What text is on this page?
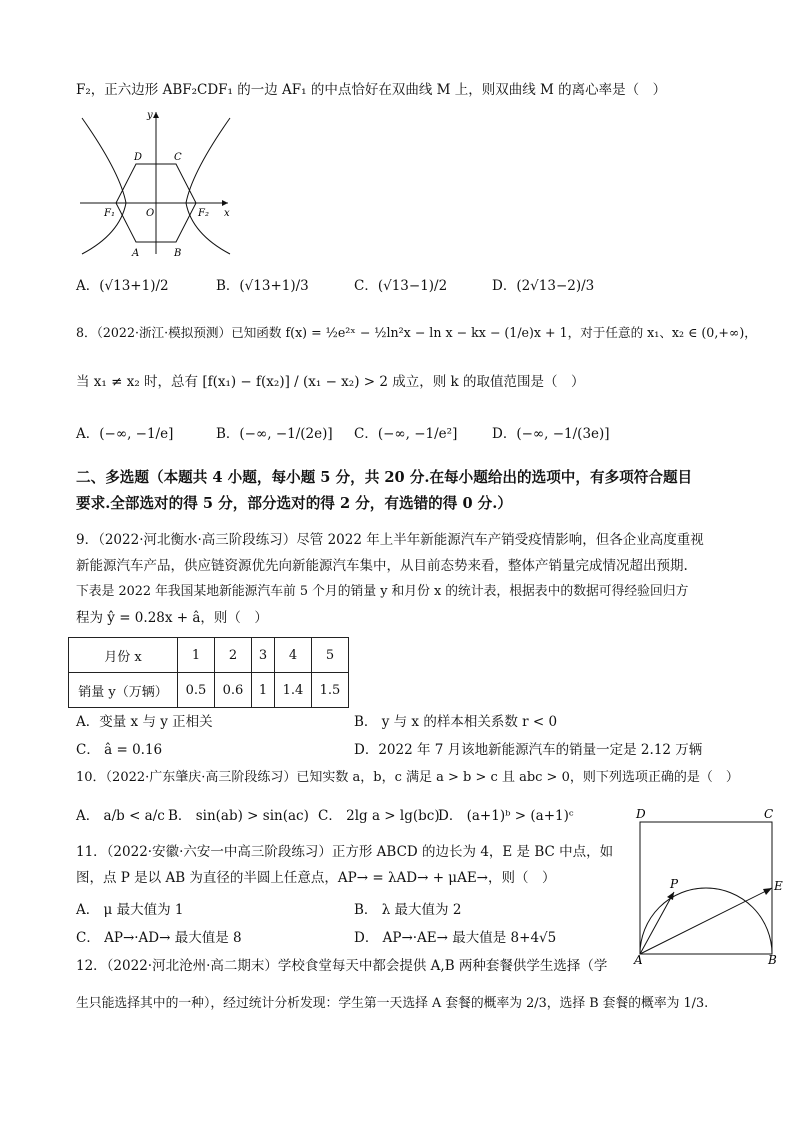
F₂，正六边形 ABF₂CDF₁ 的一边 AF₁ 的中点恰好在双曲线 M 上，则双曲线 M 的离心率是（　）
y
x
D	C
F₁	O	F₂
A	B
A．(√13+1)/2	B．(√13+1)/3	C．(√13−1)/2	D．(2√13−2)/3
8．（2022·浙江·模拟预测）已知函数 f(x) = ½e²ˣ − ½ln²x − ln x − kx − (1/e)x + 1，对于任意的 x₁、x₂ ∈ (0,+∞)，
当 x₁ ≠ x₂ 时，总有 [f(x₁) − f(x₂)] / (x₁ − x₂) > 2 成立，则 k 的取值范围是（　）
A．(−∞, −1/e]	B．(−∞, −1/(2e)] C．(−∞, −1/e²]	D．(−∞, −1/(3e)]
二、多选题（本题共 4 小题，每小题 5 分，共 20 分.在每小题给出的选项中，有多项符合题目
要求.全部选对的得 5 分，部分选对的得 2 分，有选错的得 0 分.）
9．（2022·河北衡水·高三阶段练习）尽管 2022 年上半年新能源汽车产销受疫情影响，但各企业高度重视
新能源汽车产品，供应链资源优先向新能源汽车集中，从目前态势来看，整体产销量完成情况超出预期.
下表是 2022 年我国某地新能源汽车前 5 个月的销量 y 和月份 x 的统计表，根据表中的数据可得经验回归方
程为 ŷ = 0.28x + â，则（　）
月份 x	1	2	3	4	5
销量 y（万辆）	0.5	0.6	1	1.4	1.5
A．变量 x 与 y 正相关	B． y 与 x 的样本相关系数 r < 0
C． â = 0.16	D．2022 年 7 月该地新能源汽车的销量一定是 2.12 万辆
10．（2022·广东肇庆·高三阶段练习）已知实数 a，b，c 满足 a > b > c 且 abc > 0，则下列选项正确的是（　）
A． a/b < a/c B． sin(ab) > sin(ac) C． 2lg a > lg(bc)
D． (a+1)ᵇ > (a+1)ᶜ
11．（2022·安徽·六安一中高三阶段练习）正方形 ABCD 的边长为 4，E 是 BC 中点，如
图，点 P 是以 AB 为直径的半圆上任意点，AP→ = λAD→ + μAE→，则（　）
A． μ 最大值为 1	B． λ 最大值为 2
C． AP→·AD→ 最大值是 8	D． AP→·AE→ 最大值是 8+4√5
D	C
P	E
A	B
12．（2022·河北沧州·高二期末）学校食堂每天中都会提供 A,B 两种套餐供学生选择（学
生只能选择其中的一种），经过统计分析发现：学生第一天选择 A 套餐的概率为 2/3，选择 B 套餐的概率为 1/3.
